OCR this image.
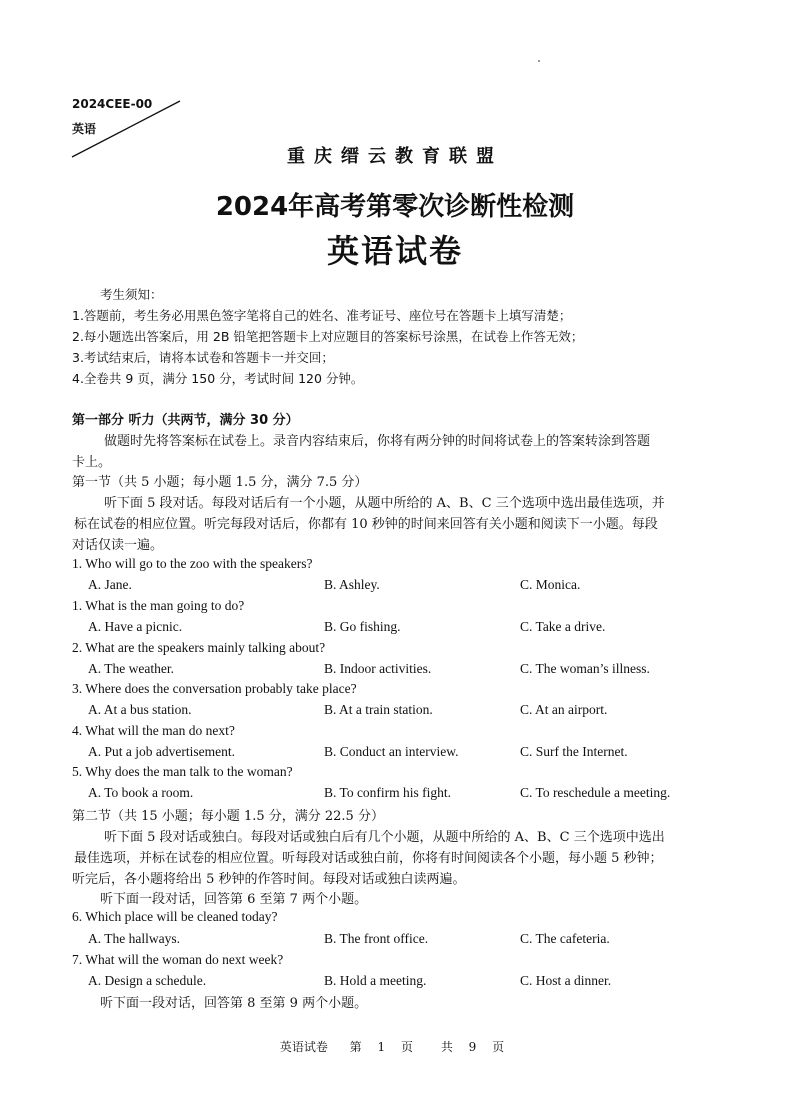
2024CEE-00
英语
重庆缙云教育联盟
2024年高考第零次诊断性检测
英语试卷
考生须知：
1.答题前，考生务必用黑色签字笔将自己的姓名、准考证号、座位号在答题卡上填写清楚；
2.每小题选出答案后，用 2B 铅笔把答题卡上对应题目的答案标号涂黑，在试卷上作答无效；
3.考试结束后，请将本试卷和答题卡一并交回；
4.全卷共 9 页，满分 150 分，考试时间 120 分钟。
第一部分 听力（共两节，满分 30 分）
做题时先将答案标在试卷上。录音内容结束后，你将有两分钟的时间将试卷上的答案转涂到答题
卡上。
第一节（共 5 小题；每小题 1.5 分，满分 7.5 分）
听下面 5 段对话。每段对话后有一个小题，从题中所给的 A、B、C 三个选项中选出最佳选项，并
标在试卷的相应位置。听完每段对话后，你都有 10 秒钟的时间来回答有关小题和阅读下一小题。每段
对话仅读一遍。
1. Who will go to the zoo with the speakers?
A. Jane.	B. Ashley.	C. Monica.
1. What is the man going to do?
A. Have a picnic.	B. Go fishing.	C. Take a drive.
2. What are the speakers mainly talking about?
A. The weather.	B. Indoor activities.	C. The woman’s illness.
3. Where does the conversation probably take place?
A. At a bus station.	B. At a train station.	C. At an airport.
4. What will the man do next?
A. Put a job advertisement.	B. Conduct an interview.	C. Surf the Internet.
5. Why does the man talk to the woman?
A. To book a room.	B. To confirm his fight.	C. To reschedule a meeting.
第二节（共 15 小题；每小题 1.5 分，满分 22.5 分）
听下面 5 段对话或独白。每段对话或独白后有几个小题，从题中所给的 A、B、C 三个选项中选出
最佳选项，并标在试卷的相应位置。听每段对话或独白前，你将有时间阅读各个小题，每小题 5 秒钟；
听完后，各小题将给出 5 秒钟的作答时间。每段对话或独白读两遍。
听下面一段对话，回答第 6 至第 7 两个小题。
6. Which place will be cleaned today?
A. The hallways.	B. The front office.	C. The cafeteria.
7. What will the woman do next week?
A. Design a schedule.	B. Hold a meeting.	C. Host a dinner.
听下面一段对话，回答第 8 至第 9 两个小题。
英语试卷 第 1 页 共 9 页
